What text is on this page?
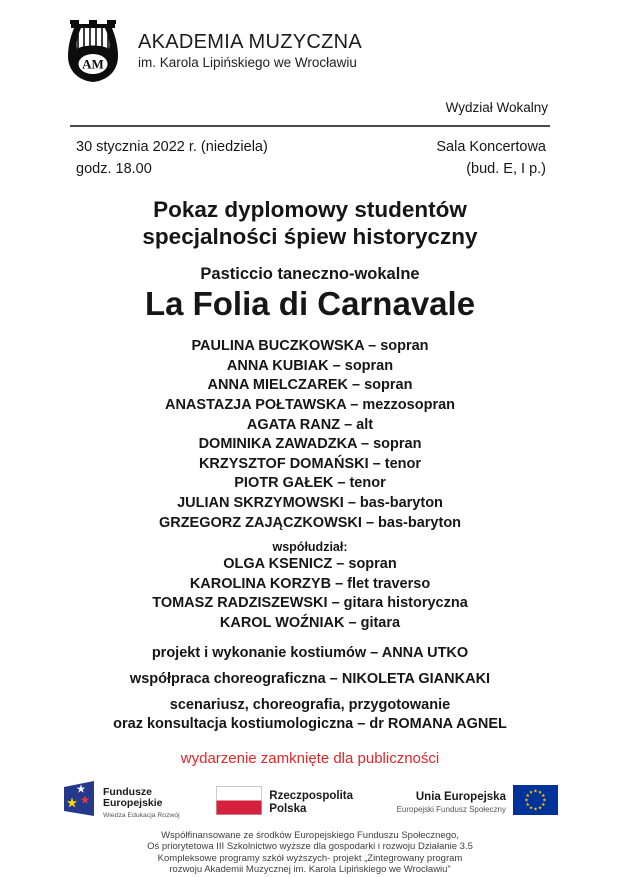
AM
AKADEMIA MUZYCZNA
im. Karola Lipińskiego we Wrocławiu
Wydział Wokalny
30 stycznia 2022 r. (niedziela)	Sala Koncertowa
godz. 18.00	(bud. E, I p.)
Pokaz dyplomowy studentów
specjalności śpiew historyczny
Pasticcio taneczno-wokalne
La Folia di Carnavale
PAULINA BUCZKOWSKA – sopran
ANNA KUBIAK – sopran
ANNA MIELCZAREK – sopran
ANASTAZJA POŁTAWSKA – mezzosopran
AGATA RANZ – alt
DOMINIKA ZAWADZKA – sopran
KRZYSZTOF DOMAŃSKI – tenor
PIOTR GAŁEK – tenor
JULIAN SKRZYMOWSKI – bas-baryton
GRZEGORZ ZAJĄCZKOWSKI – bas-baryton
współudział:
OLGA KSENICZ – sopran
KAROLINA KORZYB – flet traverso
TOMASZ RADZISZEWSKI – gitara historyczna
KAROL WOŹNIAK – gitara
projekt i wykonanie kostiumów – ANNA UTKO
współpraca choreograficzna – NIKOLETA GIANKAKI
scenariusz, choreografia, przygotowanie
oraz konsultacja kostiumologiczna – dr ROMANA AGNEL
wydarzenie zamknięte dla publiczności
Fundusze
Europejskie
Wiedza Edukacja Rozwój
Rzeczpospolita
Polska
Unia Europejska
Europejski Fundusz Społeczny
Współfinansowane ze środków Europejskiego Funduszu Społecznego,
Oś priorytetowa III Szkolnictwo wyższe dla gospodarki i rozwoju Działanie 3.5
Kompleksowe programy szkół wyższych- projekt „Zintegrowany program
rozwoju Akademii Muzycznej im. Karola Lipińskiego we Wrocławiu”
